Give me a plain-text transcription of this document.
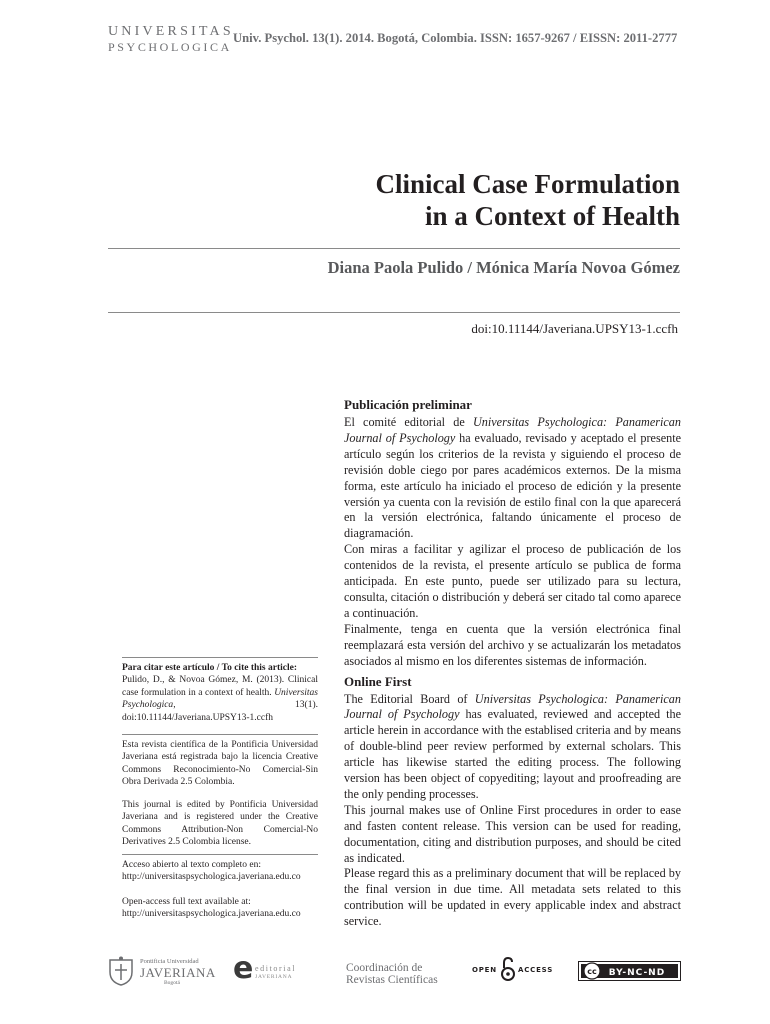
UNIVERSITAS
PSYCHOLOGICA
Univ. Psychol. 13(1). 2014. Bogotá, Colombia. ISSN: 1657-9267 / EISSN: 2011-2777
Clinical Case Formulation
in a Context of Health
Diana Paola Pulido / Mónica María Novoa Gómez
doi:10.11144/Javeriana.UPSY13-1.ccfh
Publicación preliminar

El comité editorial de Universitas Psychologica: Panamerican Journal of Psychology ha evaluado, revisado y aceptado el presente artículo según los criterios de la revista y siguiendo el proceso de revisión doble ciego por pares académicos externos. De la misma forma, este artículo ha iniciado el proceso de edición y la presente versión ya cuenta con la revisión de estilo final con la que aparecerá en la versión electrónica, faltando únicamente el proceso de diagramación.

Con miras a facilitar y agilizar el proceso de publicación de los contenidos de la revista, el presente artículo se publica de forma anticipada. En este punto, puede ser utilizado para su lectura, consulta, citación o distribución y deberá ser citado tal como aparece a continuación.

Finalmente, tenga en cuenta que la versión electrónica final reemplazará esta versión del archivo y se actualizarán los metadatos asociados al mismo en los diferentes sistemas de información.

Online First

The Editorial Board of Universitas Psychologica: Panamerican Journal of Psychology has evaluated, reviewed and accepted the article herein in accordance with the establised criteria and by means of double-blind peer review performed by external scholars. This article has likewise started the editing process. The following version has been object of copyediting; layout and proofreading are the only pending processes.

This journal makes use of Online First procedures in order to ease and fasten content release. This version can be used for reading, documentation, citing and distribution purposes, and should be cited as indicated.

Please regard this as a preliminary document that will be replaced by the final version in due time. All metadata sets related to this contribution will be updated in every applicable index and abstract service.

Para citar este artículo / To cite this article:

Pulido, D., & Novoa Gómez, M. (2013). Clinical case formulation in a context of health. Universitas Psychologica, 13(1). doi:10.11144/Javeriana.UPSY13-1.ccfh

Esta revista científica de la Pontificia Universidad Javeriana está registrada bajo la licencia Creative Commons Reconocimiento-No Comercial-Sin Obra Derivada 2.5 Colombia.
This journal is edited by Pontificia Universidad Javeriana and is registered under the Creative Commons Attribution-Non Comercial-No Derivatives 2.5 Colombia license.

Acceso abierto al texto completo en:

http://universitaspsychologica.javeriana.edu.co

Open-access full text available at:

http://universitaspsychologica.javeriana.edu.co

Pontificia Universidad
JAVERIANA
Bogotá e editorial
JAVERIANA
Coordinación de
Revistas Científicas
OPEN	ACCESS	cc BY-NC-ND
